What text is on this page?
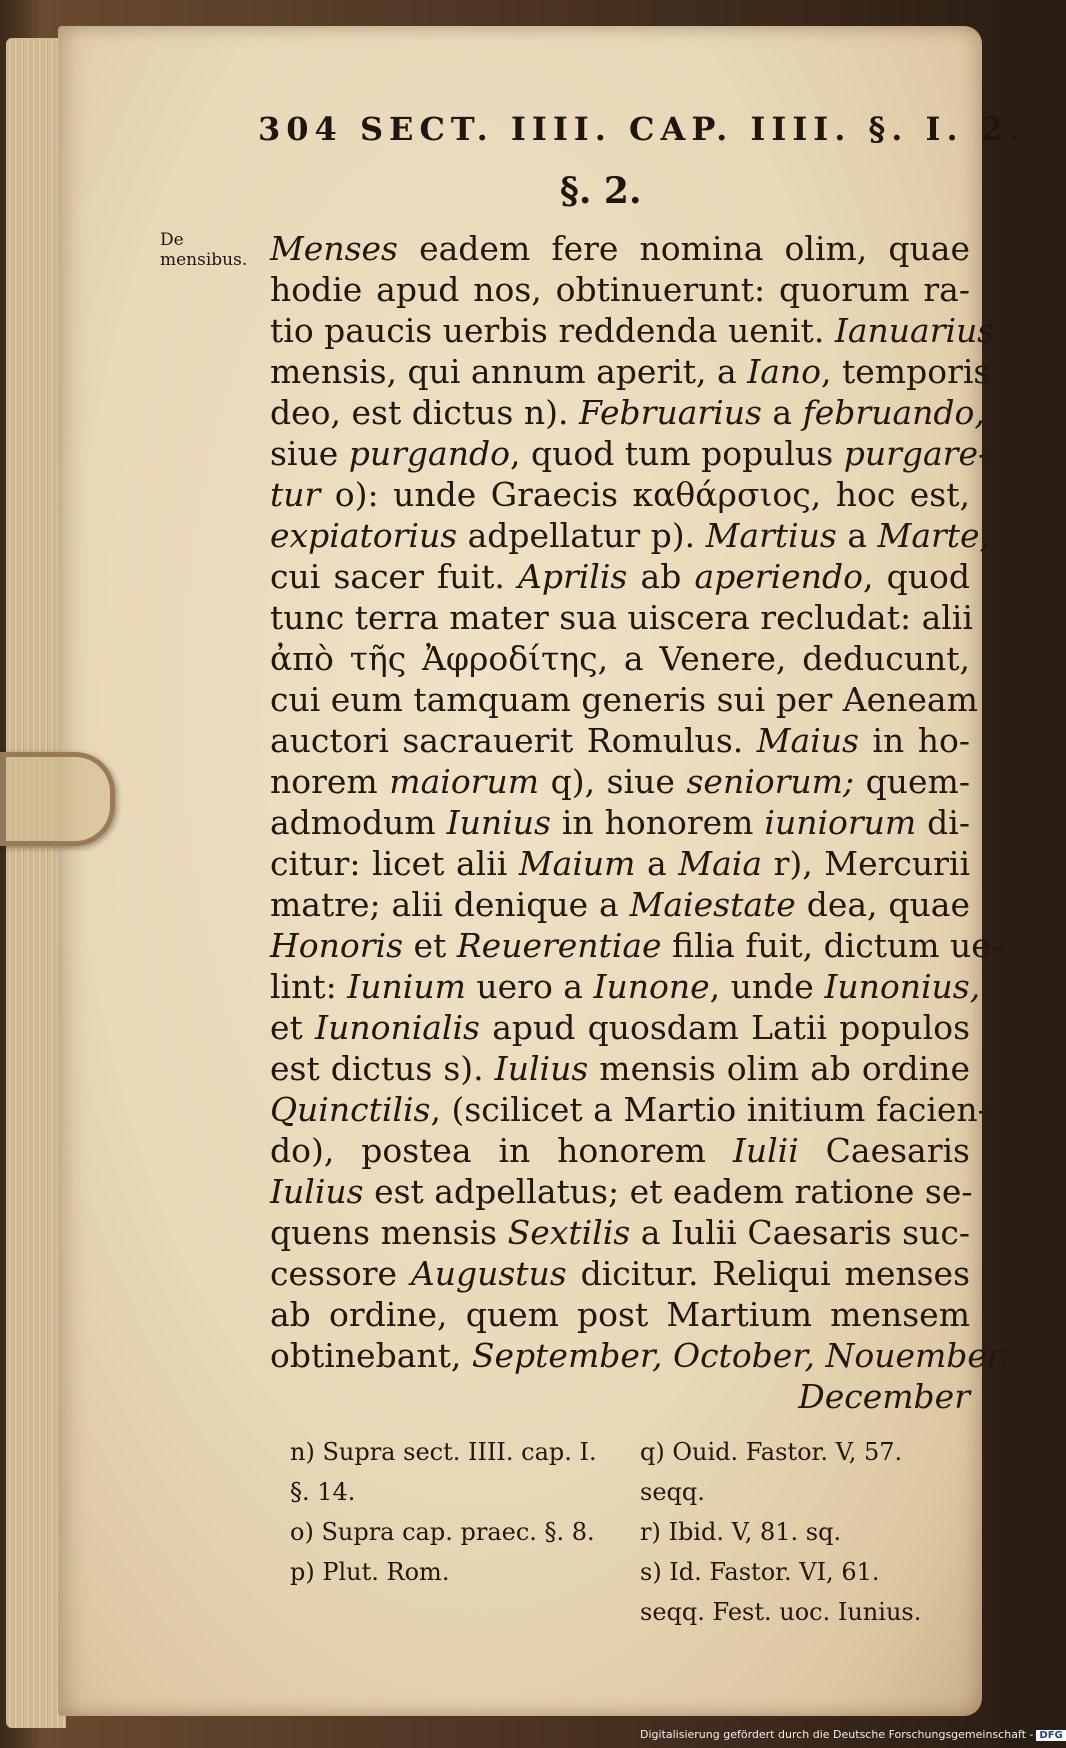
304 SECT. IIII. CAP. IIII. §. I. 2.
§. 2.
De mensibus. Menses eadem fere nomina olim, quae
hodie apud nos, obtinuerunt: quorum ra-
tio paucis uerbis reddenda uenit. Ianuarius
mensis, qui annum aperit, a Iano, temporis
deo, est dictus n). Februarius a februando,
siue purgando, quod tum populus purgare-
tur o): unde Graecis καθάρσιος, hoc est,
expiatorius adpellatur p). Martius a Marte,
cui sacer fuit. Aprilis ab aperiendo, quod
tunc terra mater sua uiscera recludat: alii
ἀπὸ τῆς Ἀφροδίτης, a Venere, deducunt,
cui eum tamquam generis sui per Aeneam
auctori sacrauerit Romulus. Maius in ho-
norem maiorum q), siue seniorum; quem-
admodum Iunius in honorem iuniorum di-
citur: licet alii Maium a Maia r), Mercurii
matre; alii denique a Maiestate dea, quae
Honoris et Reuerentiae filia fuit, dictum ue-
lint: Iunium uero a Iunone, unde Iunonius,
et Iunonialis apud quosdam Latii populos
est dictus s). Iulius mensis olim ab ordine
Quinctilis, (scilicet a Martio initium facien-
do), postea in honorem Iulii Caesaris
Iulius est adpellatus; et eadem ratione se-
quens mensis Sextilis a Iulii Caesaris suc-
cessore Augustus dicitur. Reliqui menses
ab ordine, quem post Martium mensem
obtinebant, September, October, Nouember,
December
n) Supra sect. IIII. cap. I.
§. 14.
o) Supra cap. praec. §. 8.
p) Plut. Rom.
q) Ouid. Fastor. V, 57.
seqq.
r) Ibid. V, 81. sq.
s) Id. Fastor. VI, 61.
seqq. Fest. uoc. Iunius.
Digitalisierung gefördert durch die Deutsche Forschungsgemeinschaft - DFG
